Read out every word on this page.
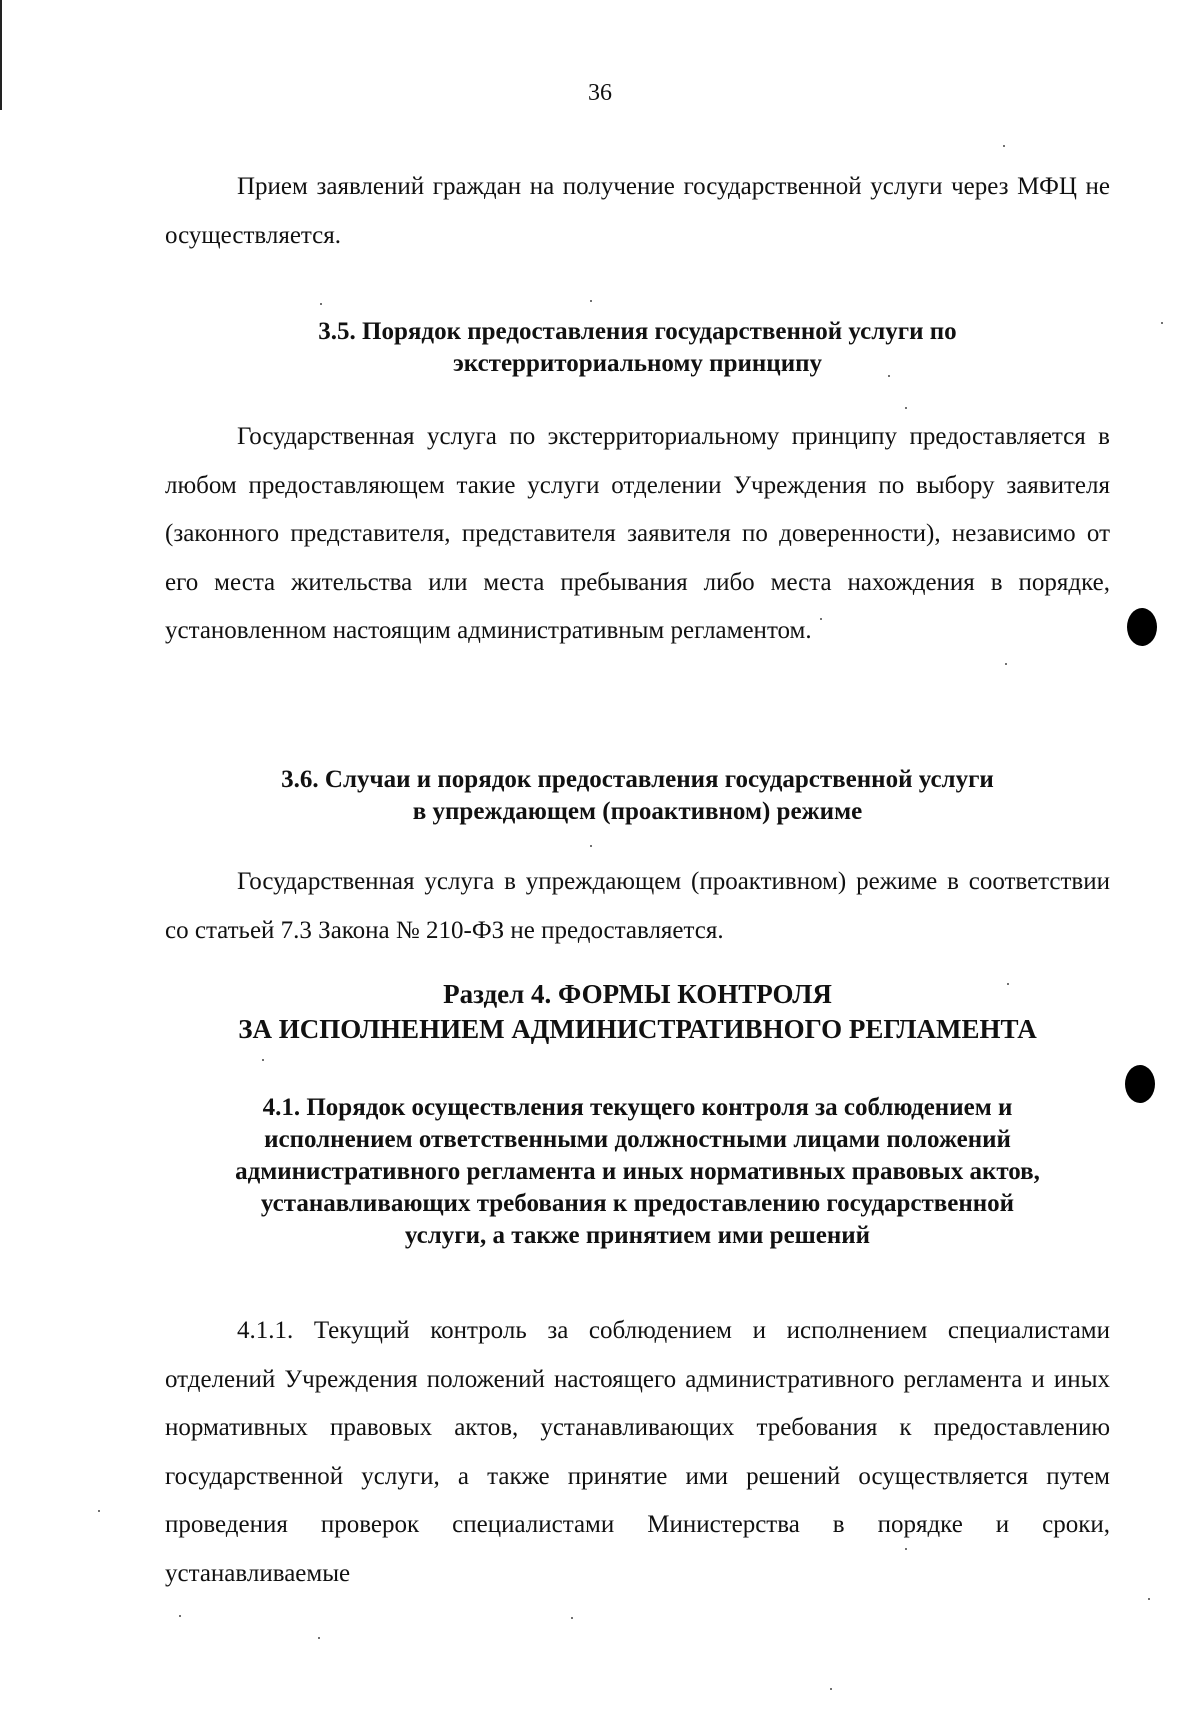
36

Прием заявлений граждан на получение государственной услуги через МФЦ не осуществляется.

3.5. Порядок предоставления государственной услуги по
экстерриториальному принципу

Государственная услуга по экстерриториальному принципу предоставляется в любом предоставляющем такие услуги отделении Учреждения по выбору заявителя (законного представителя, представителя заявителя по доверенности), независимо от его места жительства или места пребывания либо места нахождения в порядке, установленном настоящим административным регламентом.

3.6. Случаи и порядок предоставления государственной услуги
в упреждающем (проактивном) режиме

Государственная услуга в упреждающем (проактивном) режиме в соответствии со статьей 7.3 Закона № 210-ФЗ не предоставляется.

Раздел 4. ФОРМЫ КОНТРОЛЯ
ЗА ИСПОЛНЕНИЕМ АДМИНИСТРАТИВНОГО РЕГЛАМЕНТА
4.1. Порядок осуществления текущего контроля за соблюдением и
исполнением ответственными должностными лицами положений
административного регламента и иных нормативных правовых актов,
устанавливающих требования к предоставлению государственной
услуги, а также принятием ими решений

4.1.1. Текущий контроль за соблюдением и исполнением специалистами отделений Учреждения положений настоящего административного регламента и иных нормативных правовых актов, устанавливающих требования к предоставлению государственной услуги, а также принятие ими решений осуществляется путем проведения проверок специалистами Министерства в порядке и сроки, устанавливаемые
